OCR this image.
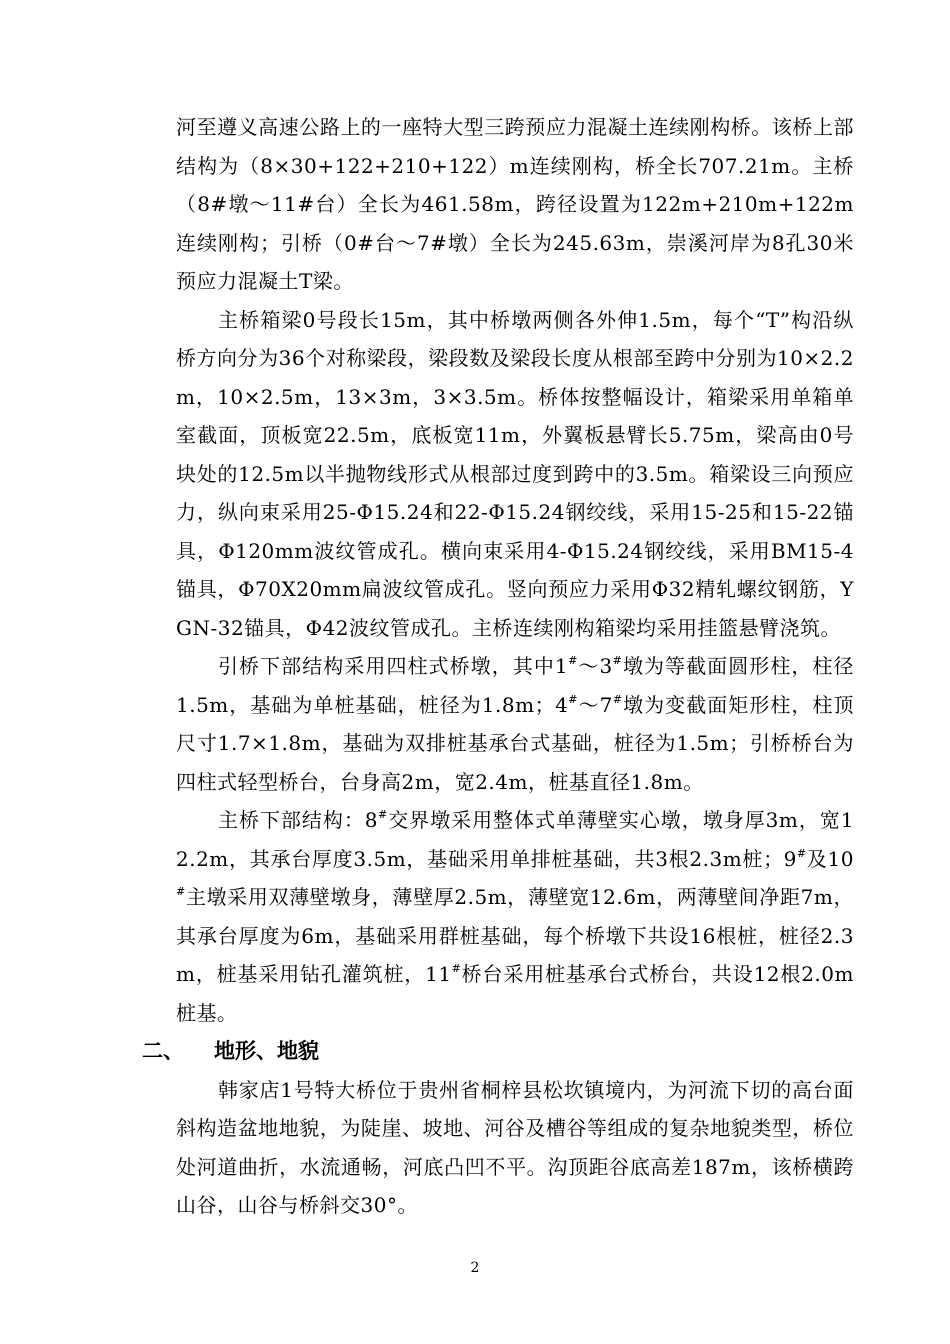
河至遵义高速公路上的一座特大型三跨预应力混凝土连续刚构桥。该桥上部结构为（8×30+122+210+122）m连续刚构，桥全长707.21m。主桥（8#墩～11#台）全长为461.58m，跨径设置为122m+210m+122m连续刚构；引桥（0#台～7#墩）全长为245.63m，崇溪河岸为8孔30米预应力混凝土T梁。

主桥箱梁0号段长15m，其中桥墩两侧各外伸1.5m，每个“T”构沿纵桥方向分为36个对称梁段，梁段数及梁段长度从根部至跨中分别为10×2.2m，10×2.5m，13×3m，3×3.5m。桥体按整幅设计，箱梁采用单箱单室截面，顶板宽22.5m，底板宽11m，外翼板悬臂长5.75m，梁高由0号块处的12.5m以半抛物线形式从根部过度到跨中的3.5m。箱梁设三向预应力，纵向束采用25-Φ15.24和22-Φ15.24钢绞线，采用15-25和15-22锚具，Φ120mm波纹管成孔。横向束采用4-Φ15.24钢绞线，采用BM15-4锚具，Φ70X20mm扁波纹管成孔。竖向预应力采用Φ32精轧螺纹钢筋，YGN-32锚具，Φ42波纹管成孔。主桥连续刚构箱梁均采用挂篮悬臂浇筑。

引桥下部结构采用四柱式桥墩，其中1#～3#墩为等截面圆形柱，柱径1.5m，基础为单桩基础，桩径为1.8m；4#～7#墩为变截面矩形柱，柱顶尺寸1.7×1.8m，基础为双排桩基承台式基础，桩径为1.5m；引桥桥台为四柱式轻型桥台，台身高2m，宽2.4m，桩基直径1.8m。

主桥下部结构：8#交界墩采用整体式单薄壁实心墩，墩身厚3m，宽12.2m，其承台厚度3.5m，基础采用单排桩基础，共3根2.3m桩；9#及10#主墩采用双薄壁墩身，薄壁厚2.5m，薄壁宽12.6m，两薄壁间净距7m，其承台厚度为6m，基础采用群桩基础，每个桥墩下共设16根桩，桩径2.3m，桩基采用钻孔灌筑桩，11#桥台采用桩基承台式桥台，共设12根2.0m桩基。

二、 地形、地貌

韩家店1号特大桥位于贵州省桐梓县松坎镇境内，为河流下切的高台面斜构造盆地地貌，为陡崖、坡地、河谷及槽谷等组成的复杂地貌类型，桥位处河道曲折，水流通畅，河底凸凹不平。沟顶距谷底高差187m，该桥横跨山谷，山谷与桥斜交30°。

2
